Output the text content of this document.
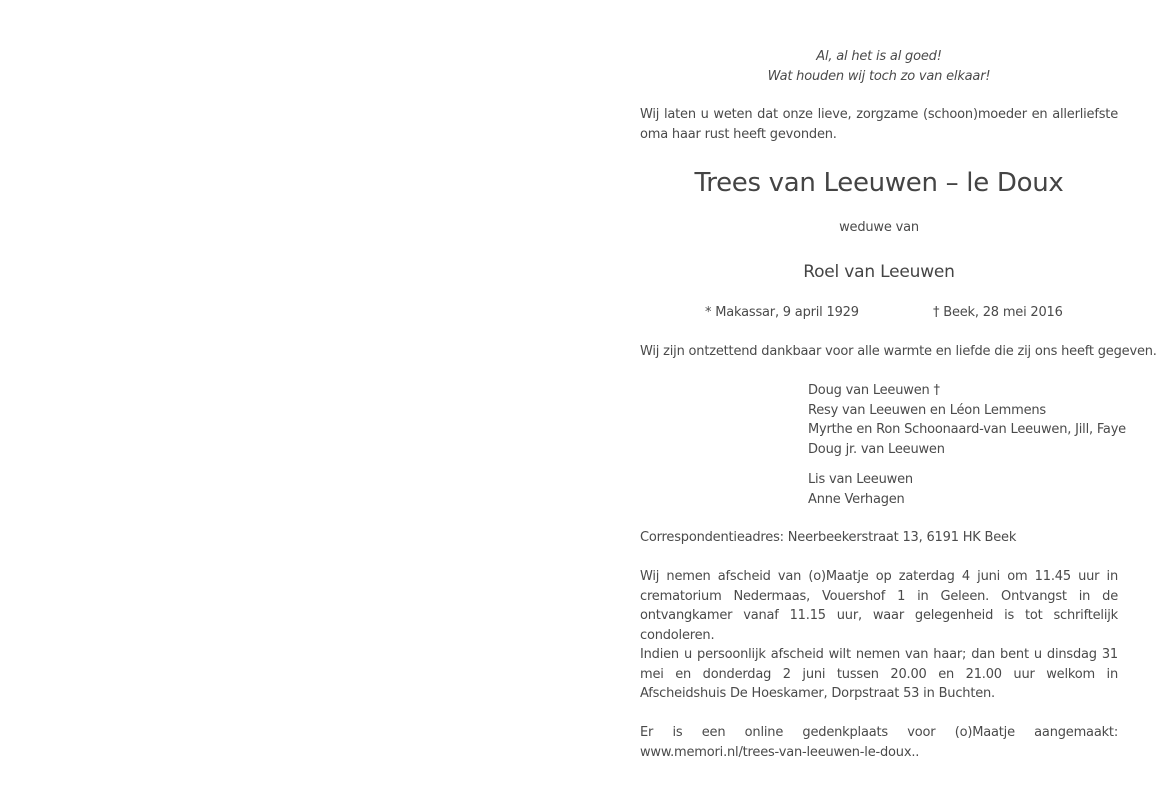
Al, al het is al goed!
Wat houden wij toch zo van elkaar!
Wij laten u weten dat onze lieve, zorgzame (schoon)moeder en allerliefste oma haar rust heeft gevonden.
Trees van Leeuwen – le Doux
weduwe van
Roel van Leeuwen
* Makassar, 9 april 1929	† Beek, 28 mei 2016
Wij zijn ontzettend dankbaar voor alle warmte en liefde die zij ons heeft gegeven.
Doug van Leeuwen †
Resy van Leeuwen en Léon Lemmens
Myrthe en Ron Schoonaard-van Leeuwen, Jill, Faye
Doug jr. van Leeuwen
Lis van Leeuwen
Anne Verhagen
Correspondentieadres: Neerbeekerstraat 13, 6191 HK Beek
Wij nemen afscheid van (o)Maatje op zaterdag 4 juni om 11.45 uur in crematorium Nedermaas, Vouershof 1 in Geleen. Ontvangst in de ontvangkamer vanaf 11.15 uur, waar gelegenheid is tot schriftelijk condoleren.
Indien u persoonlijk afscheid wilt nemen van haar; dan bent u dinsdag 31 mei en donderdag 2 juni tussen 20.00 en 21.00 uur welkom in Afscheidshuis De Hoeskamer, Dorpstraat 53 in Buchten.
Er is een online gedenkplaats voor (o)Maatje aangemaakt: www.memori.nl/trees-van-leeuwen-le-doux..
